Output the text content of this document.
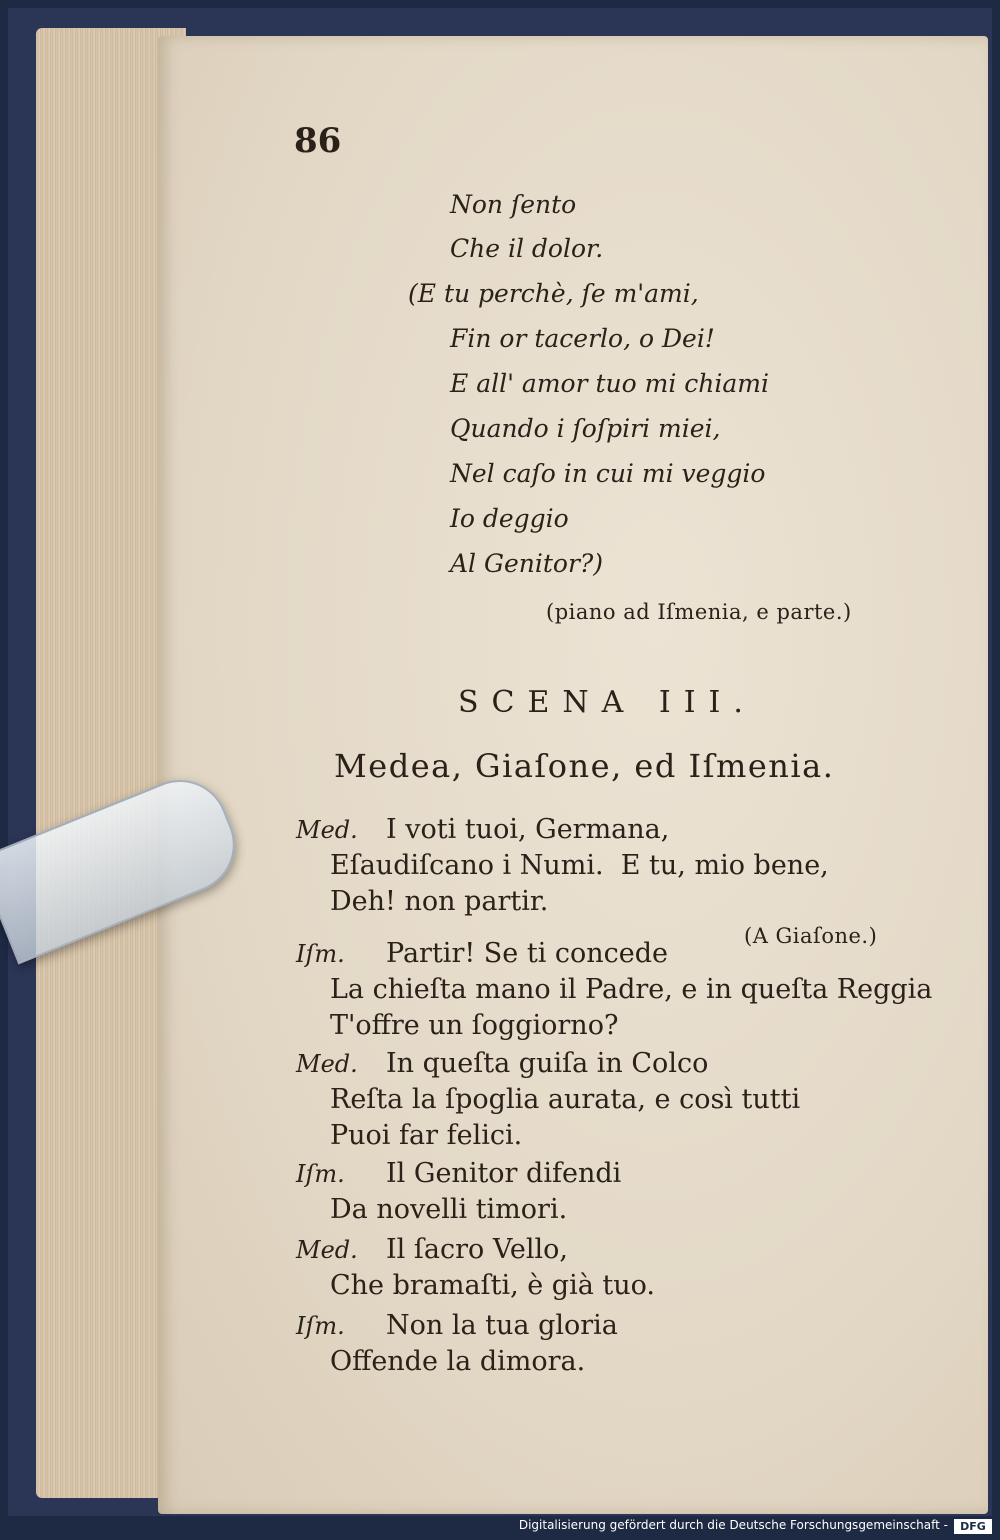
86
Non ſento
Che il dolor.
(E tu perchè, ſe m'ami,
Fin or tacerlo, o Dei!
E all' amor tuo mi chiami
Quando i ſoſpiri miei,
Nel caſo in cui mi veggio
Io deggio
Al Genitor?)
(piano ad Iſmenia, e parte.)
SCENA III.
Medea, Giaſone, ed Iſmenia.
Med. I voti tuoi, Germana,
Eſaudiſcano i Numi.  E tu, mio bene,
Deh! non partir.
(A Giaſone.)
Iſm. Partir! Se ti concede
La chieſta mano il Padre, e in queſta Reggia
T'offre un ſoggiorno?
Med. In queſta guiſa in Colco
Reſta la ſpoglia aurata, e così tutti
Puoi far felici.
Iſm. Il Genitor difendi
Da novelli timori.
Med. Il ſacro Vello,
Che bramaſti, è già tuo.
Iſm. Non la tua gloria
Offende la dimora.
Digitalisierung gefördert durch die Deutsche Forschungsgemeinschaft -	DFG
